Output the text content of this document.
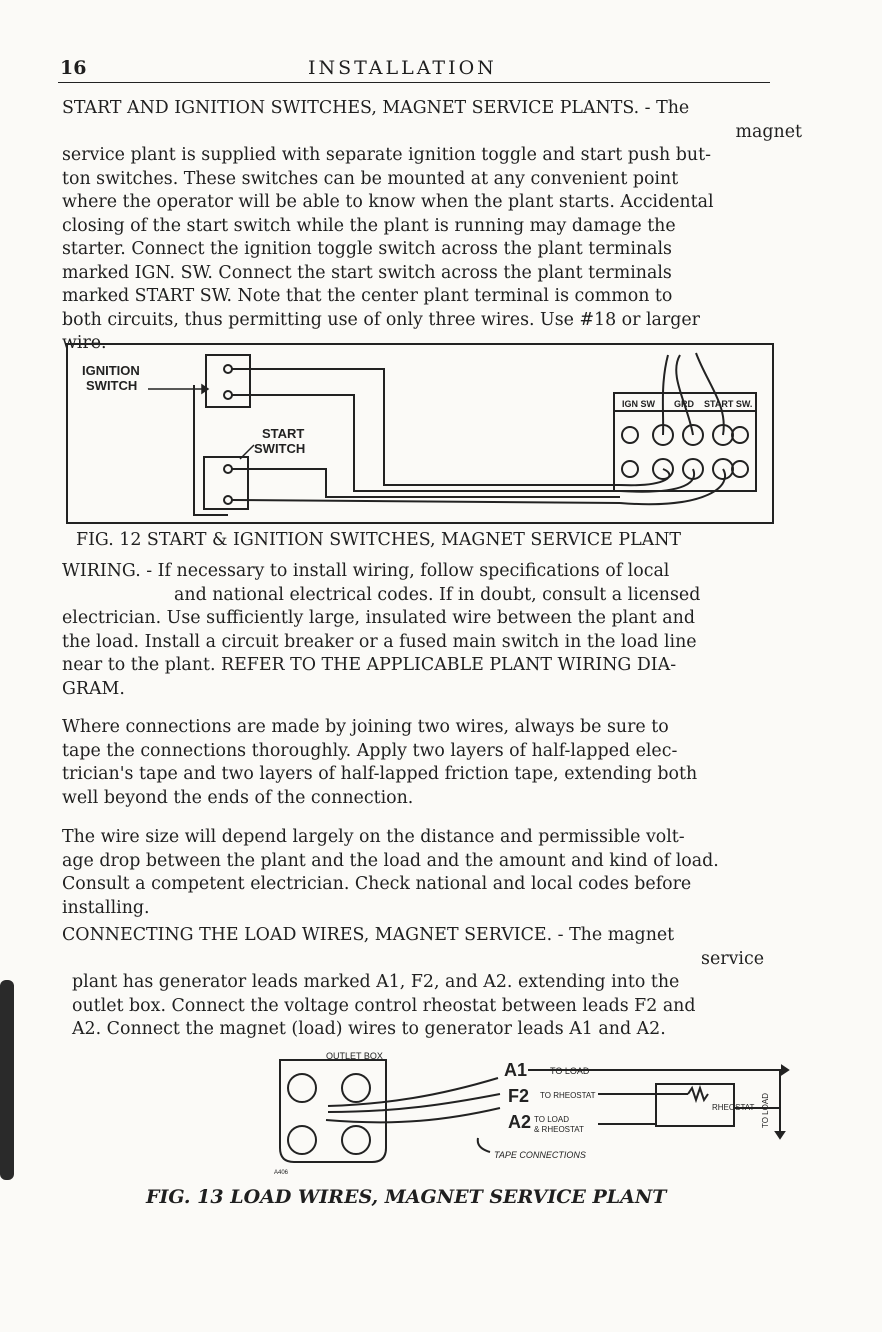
16	INSTALLATION
START AND IGNITION SWITCHES, MAGNET SERVICE PLANTS. - The
magnet
service plant is supplied with separate ignition toggle and start push but-
ton switches. These switches can be mounted at any convenient point
where the operator will be able to know when the plant starts. Accidental
closing of the start switch while the plant is running may damage the
starter. Connect the ignition toggle switch across the plant terminals
marked IGN. SW. Connect the start switch across the plant terminals
marked START SW. Note that the center plant terminal is common to
both circuits, thus permitting use of only three wires. Use #18 or larger
wire.
IGNITION
SWITCH
START
SWITCH
IGN SW GRD START SW.
FIG. 12 START & IGNITION SWITCHES, MAGNET SERVICE PLANT
WIRING. - If necessary to install wiring, follow specifications of local
and national electrical codes. If in doubt, consult a licensed
electrician. Use sufficiently large, insulated wire between the plant and
the load. Install a circuit breaker or a fused main switch in the load line
near to the plant. REFER TO THE APPLICABLE PLANT WIRING DIA-
GRAM.
Where connections are made by joining two wires, always be sure to
tape the connections thoroughly. Apply two layers of half-lapped elec-
trician's tape and two layers of half-lapped friction tape, extending both
well beyond the ends of the connection.
The wire size will depend largely on the distance and permissible volt-
age drop between the plant and the load and the amount and kind of load.
Consult a competent electrician. Check national and local codes before
installing.
CONNECTING THE LOAD WIRES, MAGNET SERVICE. - The magnet
service
plant has generator leads marked A1, F2, and A2. extending into the
outlet box. Connect the voltage control rheostat between leads F2 and
A2. Connect the magnet (load) wires to generator leads A1 and A2.
OUTLET BOX
A1	TO LOAD
F2 TO RHEOSTAT
RHEOSTAT
A2 TO LOAD
& RHEOSTAT
TAPE CONNECTIONS
TO LOAD
A406
FIG. 13 LOAD WIRES, MAGNET SERVICE PLANT
